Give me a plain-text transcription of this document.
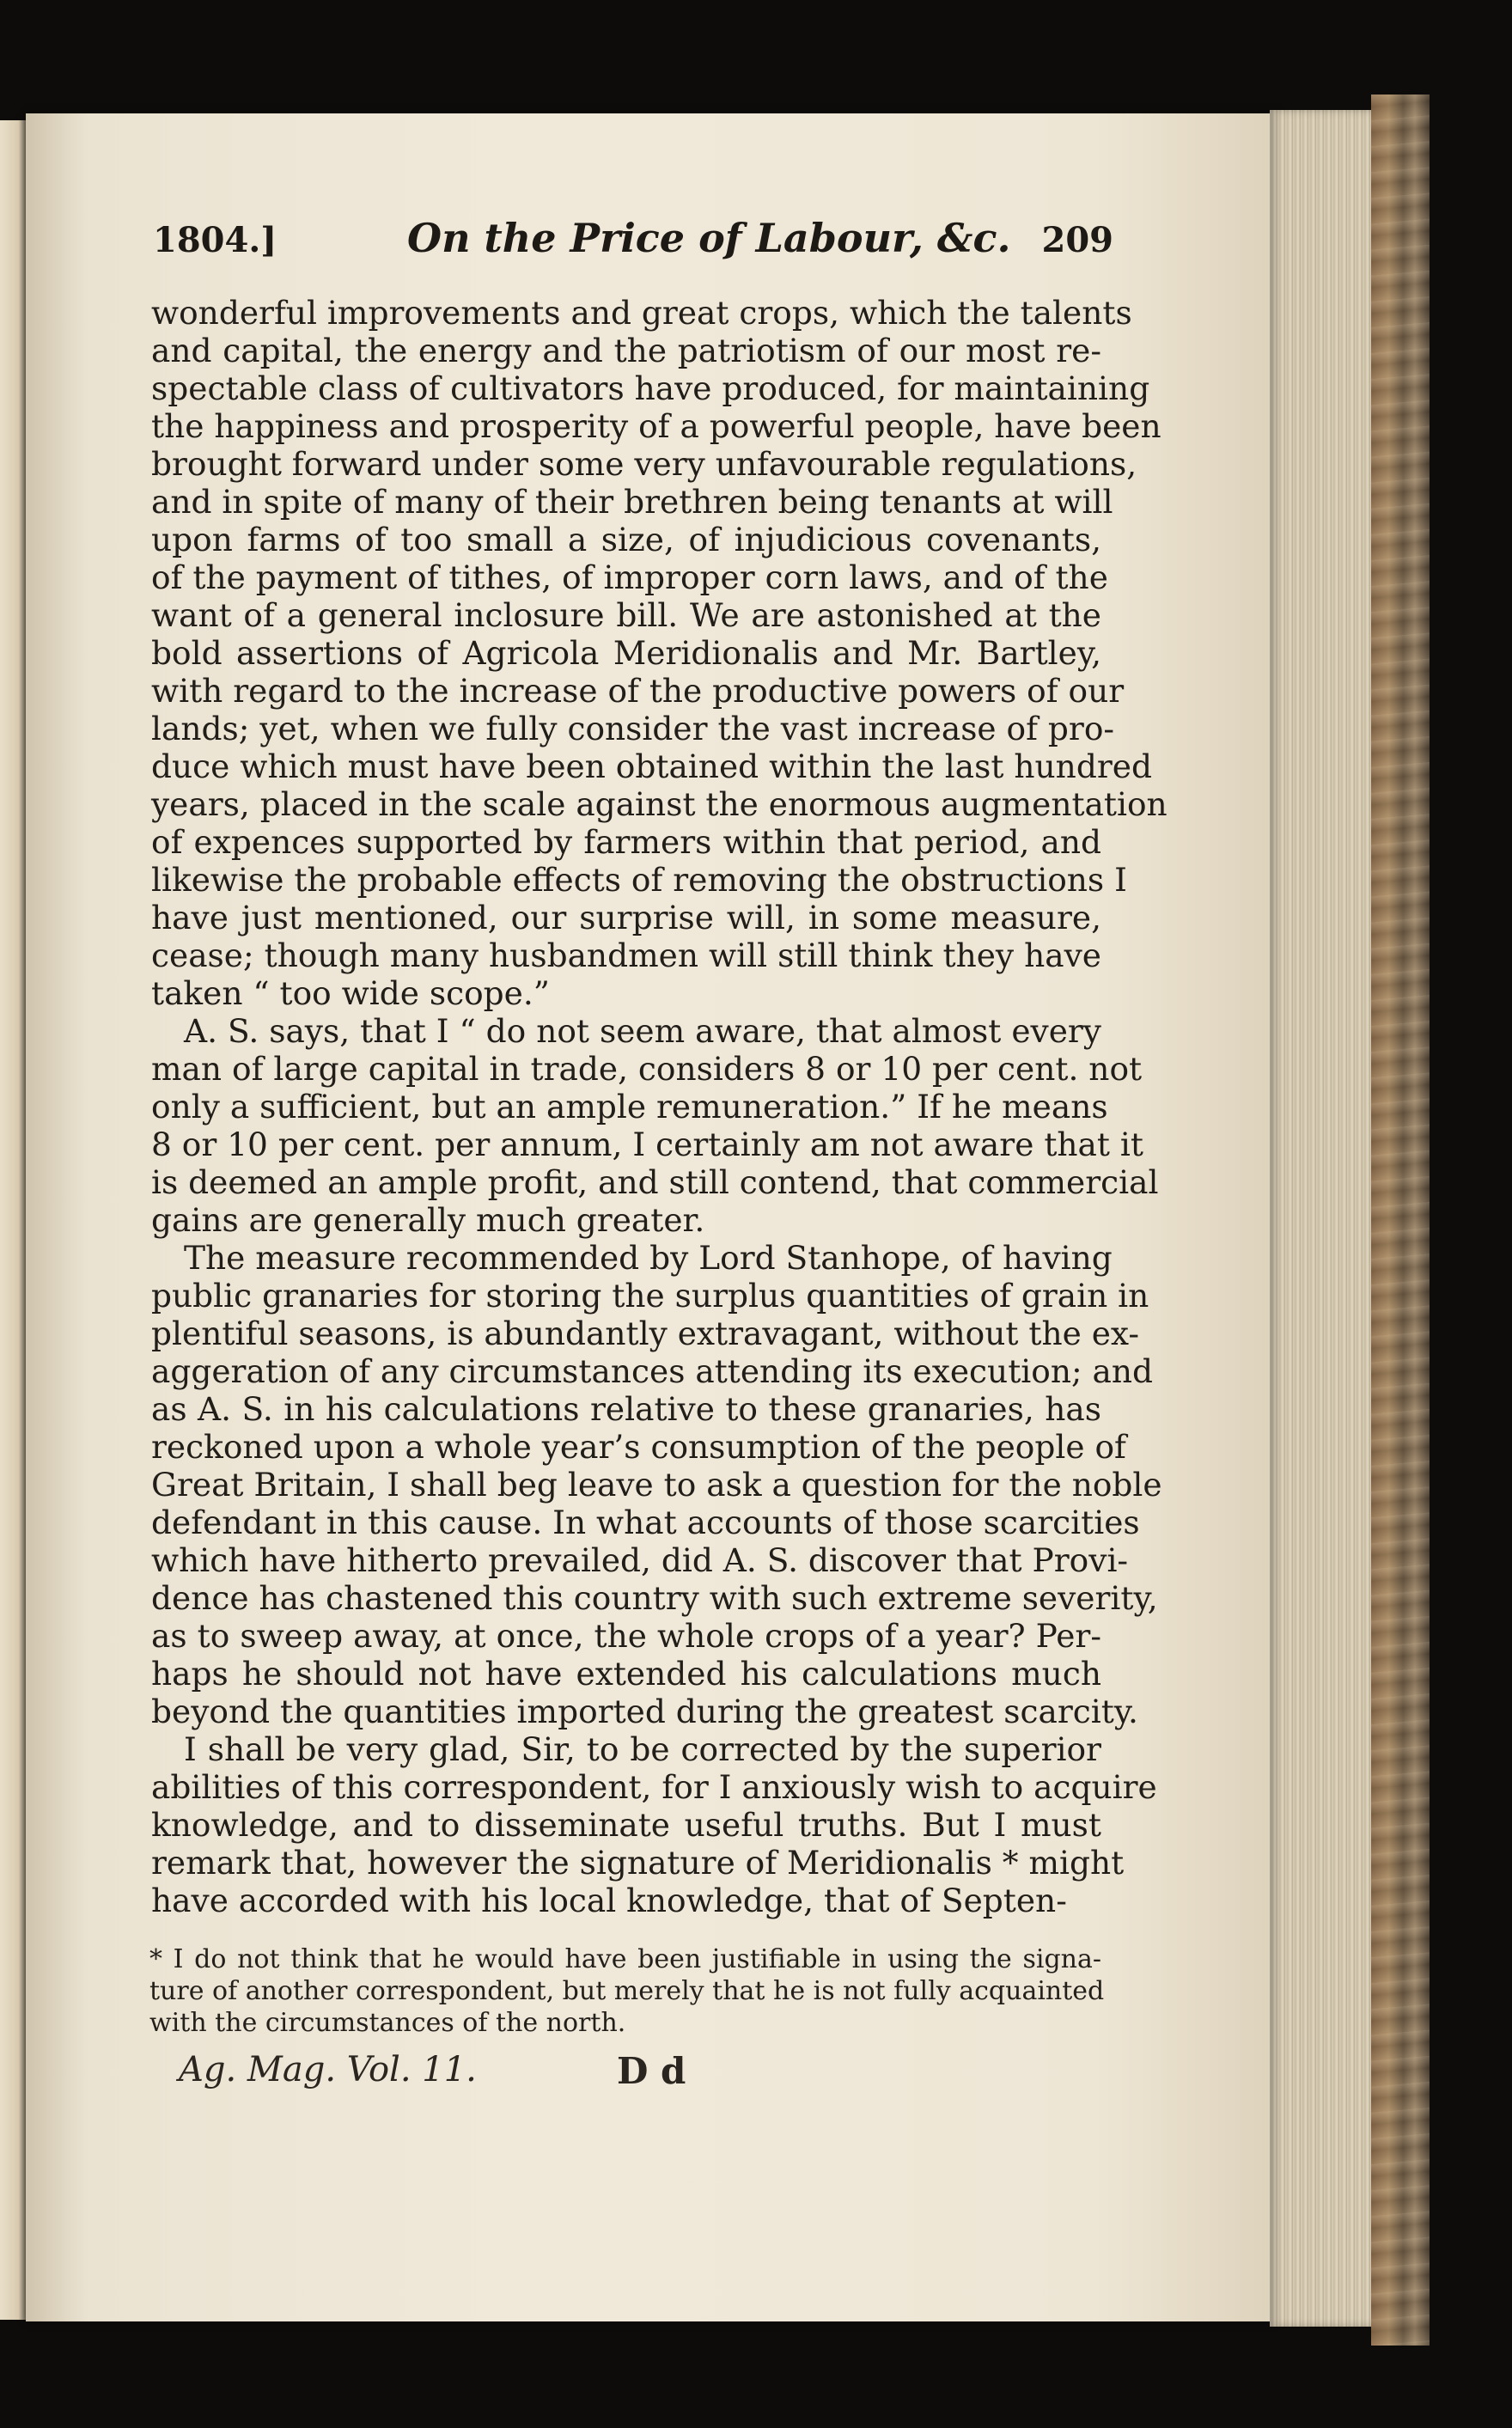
1804.]	On the Price of Labour, &c. 209
wonderful improvements and great crops, which the talents
and capital, the energy and the patriotism of our most re-
spectable class of cultivators have produced, for maintaining
the happiness and prosperity of a powerful people, have been
brought forward under some very unfavourable regulations,
and in spite of many of their brethren being tenants at will
upon farms of too small a size, of injudicious covenants,
of the payment of tithes, of improper corn laws, and of the
want of a general inclosure bill. We are astonished at the
bold assertions of Agricola Meridionalis and Mr. Bartley,
with regard to the increase of the productive powers of our
lands; yet, when we fully consider the vast increase of pro-
duce which must have been obtained within the last hundred
years, placed in the scale against the enormous augmentation
of expences supported by farmers within that period, and
likewise the probable effects of removing the obstructions I
have just mentioned, our surprise will, in some measure,
cease; though many husbandmen will still think they have
taken “ too wide scope.”
A. S. says, that I “ do not seem aware, that almost every
man of large capital in trade, considers 8 or 10 per cent. not
only a sufficient, but an ample remuneration.” If he means
8 or 10 per cent. per annum, I certainly am not aware that it
is deemed an ample profit, and still contend, that commercial
gains are generally much greater.
The measure recommended by Lord Stanhope, of having
public granaries for storing the surplus quantities of grain in
plentiful seasons, is abundantly extravagant, without the ex-
aggeration of any circumstances attending its execution; and
as A. S. in his calculations relative to these granaries, has
reckoned upon a whole year’s consumption of the people of
Great Britain, I shall beg leave to ask a question for the noble
defendant in this cause. In what accounts of those scarcities
which have hitherto prevailed, did A. S. discover that Provi-
dence has chastened this country with such extreme severity,
as to sweep away, at once, the whole crops of a year? Per-
haps he should not have extended his calculations much
beyond the quantities imported during the greatest scarcity.
I shall be very glad, Sir, to be corrected by the superior
abilities of this correspondent, for I anxiously wish to acquire
knowledge, and to disseminate useful truths. But I must
remark that, however the signature of Meridionalis * might
have accorded with his local knowledge, that of Septen-
* I do not think that he would have been justifiable in using the signa-
ture of another correspondent, but merely that he is not fully acquainted
with the circumstances of the north.
Ag. Mag. Vol. 11.	D d
